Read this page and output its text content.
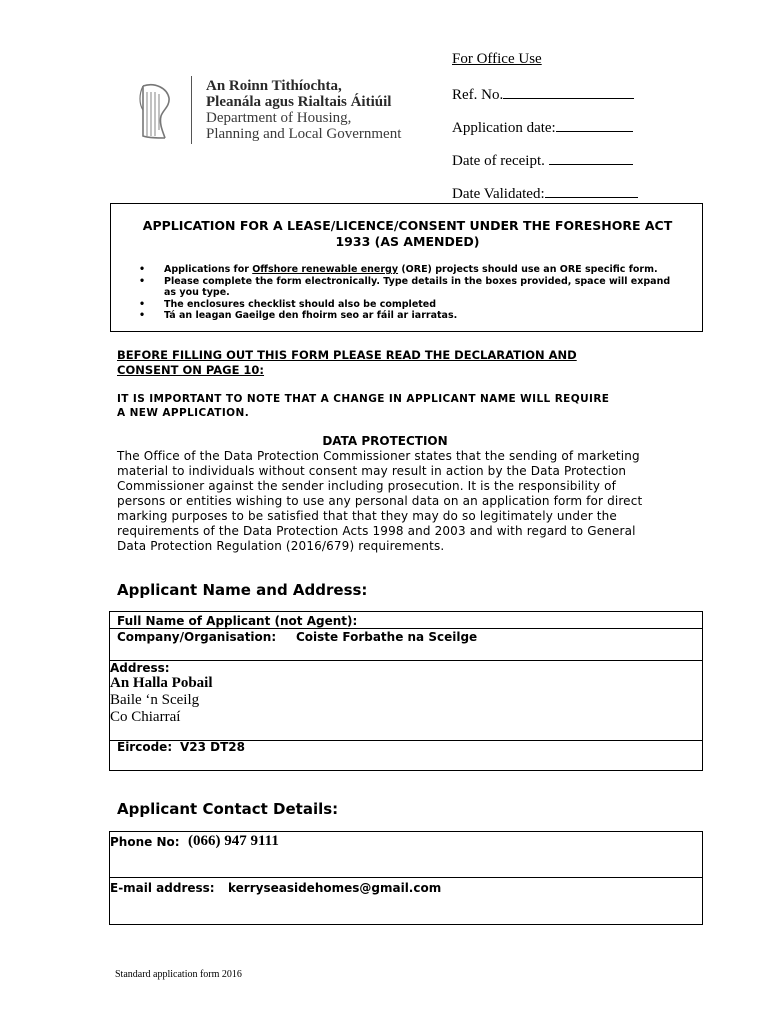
An Roinn Tithíochta,
Pleanála agus Rialtais Áitiúil
Department of Housing,
Planning and Local Government
For Office Use
Ref. No.
Application date:
Date of receipt.
Date Validated:
APPLICATION FOR A LEASE/LICENCE/CONSENT UNDER THE FORESHORE ACT
1933 (AS AMENDED)
• Applications for Offshore renewable energy (ORE) projects should use an ORE specific form.
• Please complete the form electronically. Type details in the boxes provided, space will expand as you type.
• The enclosures checklist should also be completed
• Tá an leagan Gaeilge den fhoirm seo ar fáil ar iarratas.
BEFORE FILLING OUT THIS FORM PLEASE READ THE DECLARATION AND
CONSENT ON PAGE 10:
IT IS IMPORTANT TO NOTE THAT A CHANGE IN APPLICANT NAME WILL REQUIRE
A NEW APPLICATION.
DATA PROTECTION
The Office of the Data Protection Commissioner states that the sending of marketing material to individuals without consent may result in action by the Data Protection Commissioner against the sender including prosecution. It is the responsibility of persons or entities wishing to use any personal data on an application form for direct marking purposes to be satisfied that that they may do so legitimately under the requirements of the Data Protection Acts 1998 and 2003 and with regard to General Data Protection Regulation (2016/679) requirements.
Applicant Name and Address:
Full Name of Applicant (not Agent):
Company/Organisation: Coiste Forbathe na Sceilge
Address:
An Halla Pobail
Baile ‘n Sceilg
Co Chiarraí
Eircode: V23 DT28
Applicant Contact Details:
Phone No: (066) 947 9111
E-mail address: kerryseasidehomes@gmail.com
Standard application form 2016
